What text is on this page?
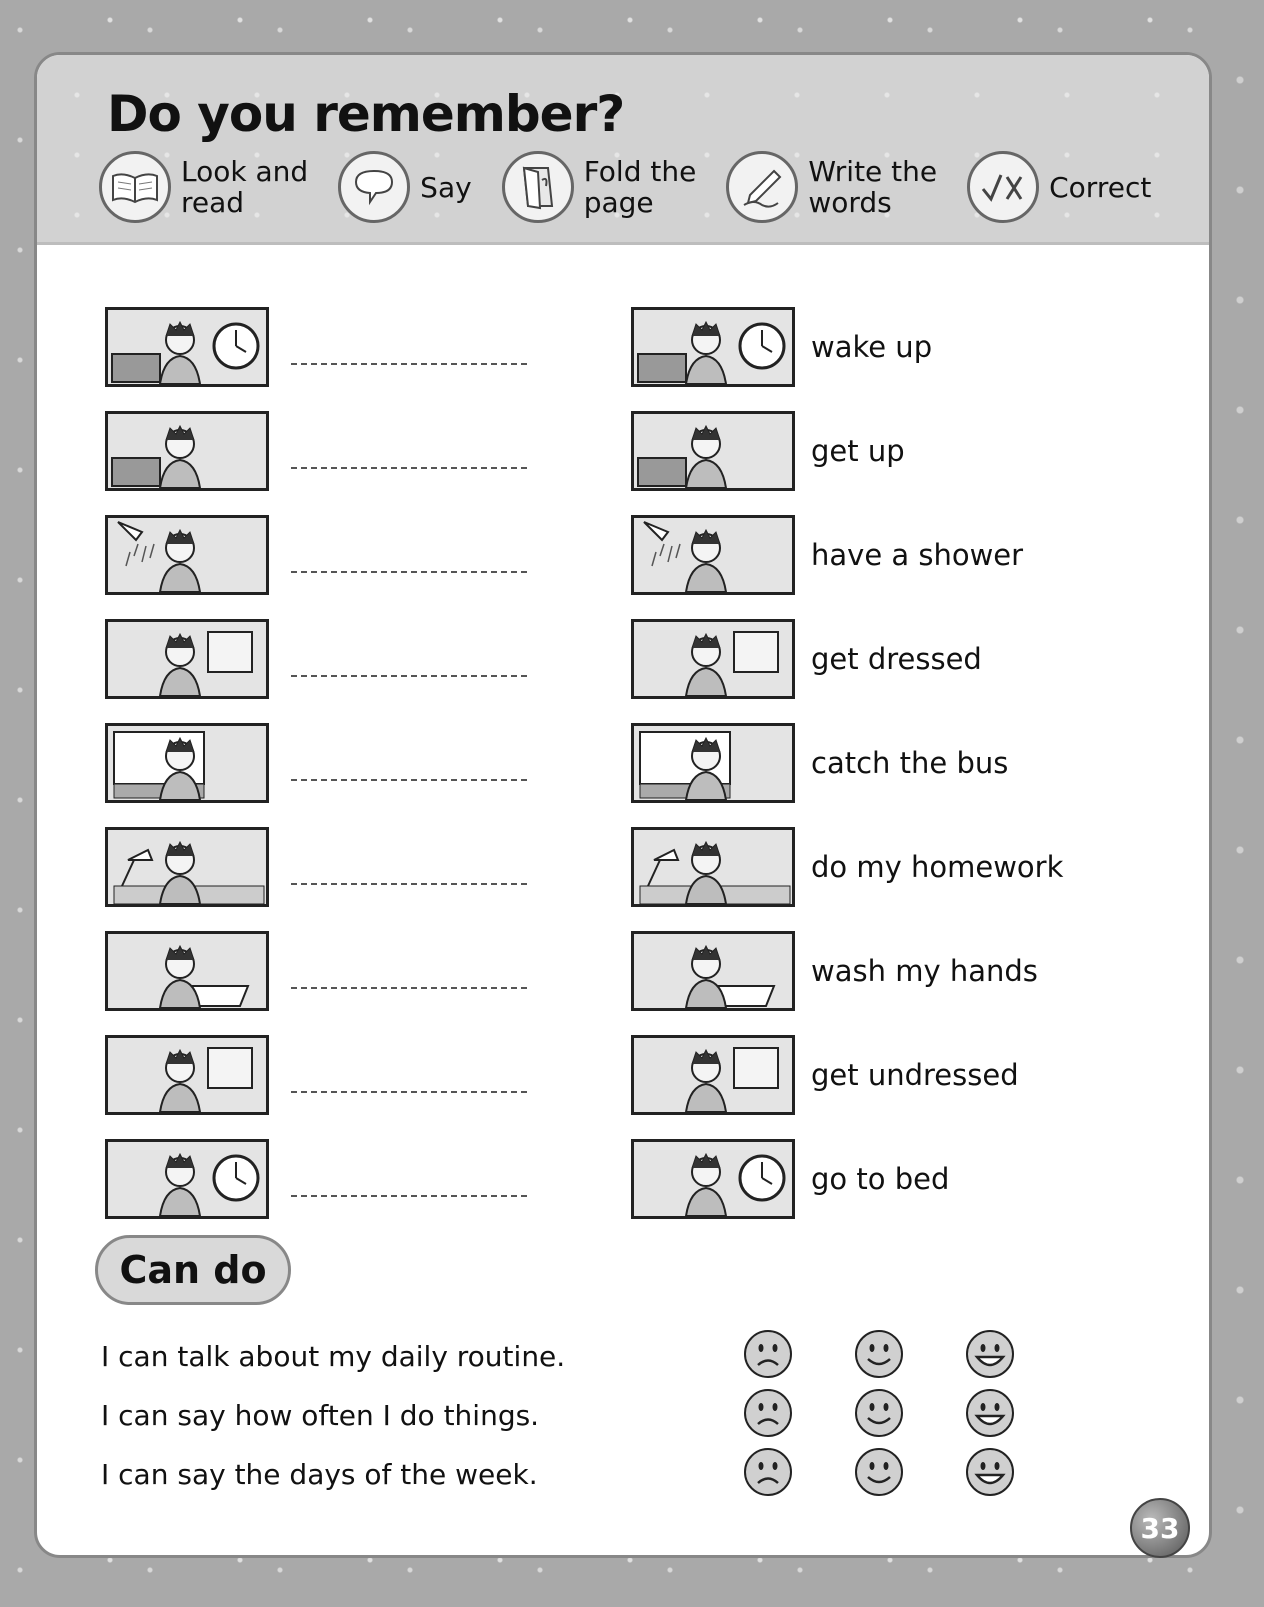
Do you remember?
Look and
read	Say	Fold the
page
Write the
words	Correct
wake up
get up
have a shower
get dressed
catch the bus
do my homework
wash my hands
get undressed
go to bed
Can do
I can talk about my daily routine.
I can say how often I do things.
I can say the days of the week.
33
